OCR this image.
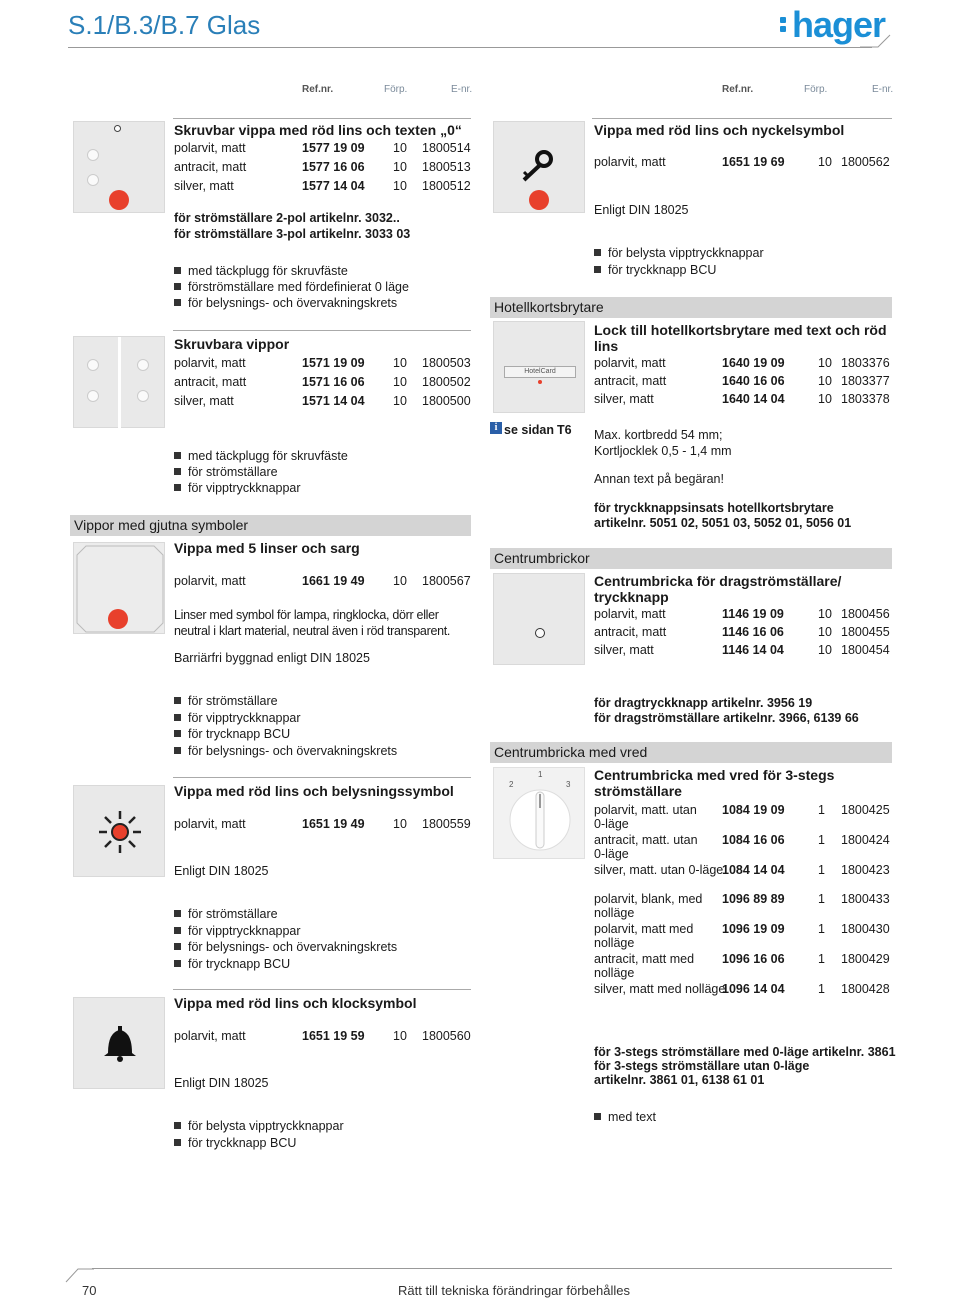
S.1/B.3/B.7 Glas	hager
Ref.nr.	Förp.	E-nr.	Ref.nr.	Förp.	E-nr.
Skruvbar vippa med röd lins och texten „0“
polarvit, matt	1577 19 09 10 1800514
antracit, matt	1577 16 06 10 1800513
silver, matt	1577 14 04 10 1800512
för strömställare 2-pol artikelnr. 3032..
för strömställare 3-pol artikelnr. 3033 03
med täckplugg för skruvfäste
förströmställare med fördefinierat 0 läge
för belysnings- och övervakningskrets
Skruvbara vippor
polarvit, matt	1571 19 09 10 1800503
antracit, matt	1571 16 06 10 1800502
silver, matt	1571 14 04 10 1800500
med täckplugg för skruvfäste
för strömställare
för vipptryckknappar
Vippor med gjutna symboler
Vippa med 5 linser och sarg
polarvit, matt	1661 19 49 10 1800567
Linser med symbol för lampa, ringklocka, dörr eller
neutral i klart material, neutral även i röd transparent.
Barriärfri byggnad enligt DIN 18025
för strömställare
för vipptryckknappar
för trycknapp BCU
för belysnings- och övervakningskrets
Vippa med röd lins och belysningssymbol
polarvit, matt	1651 19 49 10 1800559
Enligt DIN 18025
för strömställare
för vipptryckknappar
för belysnings- och övervakningskrets
för trycknapp BCU
Vippa med röd lins och klocksymbol
polarvit, matt	1651 19 59 10 1800560
Enligt DIN 18025
för belysta vipptryckknappar
för tryckknapp BCU
Vippa med röd lins och nyckelsymbol
polarvit, matt	1651 19 69	10 1800562
Enligt DIN 18025
för belysta vipptryckknappar
för tryckknapp BCU
Hotellkortsbrytare
HotelCard
Lock till hotellkortsbrytare med text och röd
lins
polarvit, matt	1640 19 09	10 1803376
antracit, matt	1640 16 06	10 1803377
silver, matt	1640 14 04	10 1803378
i se sidan T6 Max. kortbredd 54 mm;
Kortljocklek 0,5 - 1,4 mm
Annan text på begäran!
för tryckknappsinsats hotellkortsbrytare
artikelnr. 5051 02, 5051 03, 5052 01, 5056 01
Centrumbrickor
Centrumbricka för dragströmställare/
tryckknapp
polarvit, matt	1146 19 09	10 1800456
antracit, matt	1146 16 06	10 1800455
silver, matt	1146 14 04	10 1800454
för dragtryckknapp artikelnr. 3956 19
för dragströmställare artikelnr. 3966, 6139 66
Centrumbricka med vred
1
2	3
Centrumbricka med vred för 3-stegs
strömställare
polarvit, matt. utan
0-läge
1084 19 09	1 1800425
antracit, matt. utan
0-läge
1084 16 06	1 1800424
silver, matt. utan 0-läge
1084 14 04	1 1800423
polarvit, blank, med
nolläge
1096 89 89	1 1800433
polarvit, matt med
nolläge
1096 19 09	1 1800430
antracit, matt med
nolläge
1096 16 06	1 1800429
silver, matt med nolläge
1096 14 04	1 1800428
för 3-stegs strömställare med 0-läge artikelnr. 3861
för 3-stegs strömställare utan 0-läge
artikelnr. 3861 01, 6138 61 01
med text
70	Rätt till tekniska förändringar förbehålles
